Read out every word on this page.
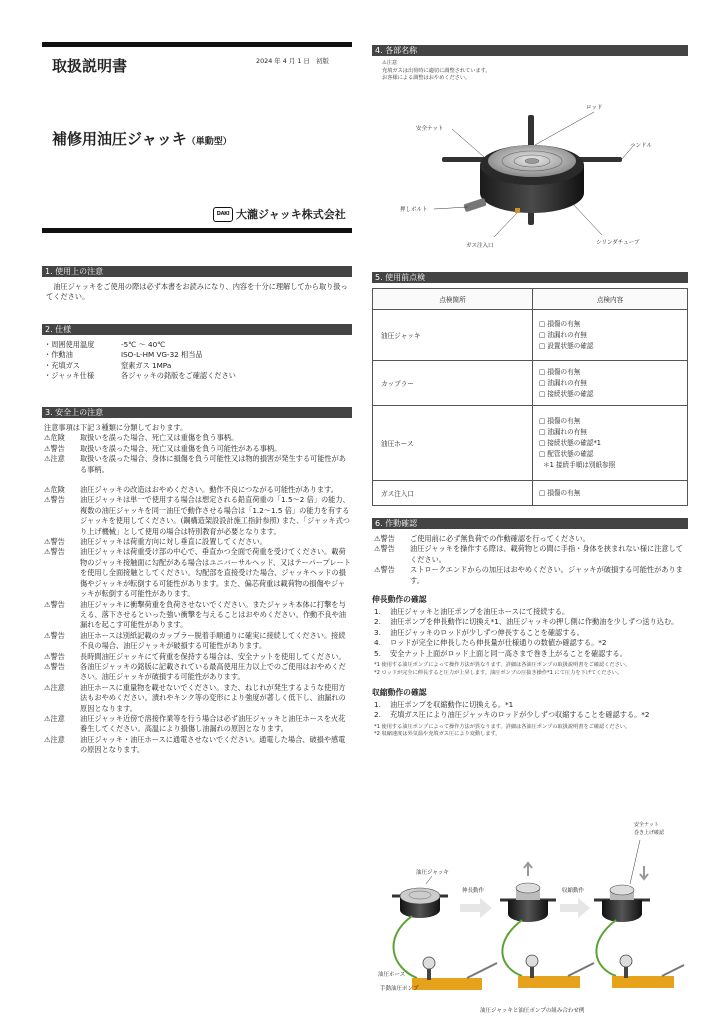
取扱説明書	2024 年 4 月 1 日　初版
補修用油圧ジャッキ（単動型）
DAKI 大瀧ジャッキ株式会社
1. 使用上の注意
　油圧ジャッキをご使用の際は必ず本書をお読みになり、内容を十分に理解してから取り扱ってください。
2. 仕様
・周囲使用温度	-5℃ ～ 40℃
・作動油	ISO-L-HM VG-32 相当品
・充填ガス	窒素ガス 1MPa
・ジャッキ仕様	各ジャッキの銘版をご確認ください
3. 安全上の注意
注意事項は下記３種類に分類しております。
⚠危険	取扱いを誤った場合、死亡又は重傷を負う事柄。
⚠警告	取扱いを誤った場合、死亡又は重傷を負う可能性がある事柄。
⚠注意	取扱いを誤った場合、身体に損傷を負う可能性又は物的損害が発生する可能性がある事柄。
⚠危険	油圧ジャッキの改造はおやめください。動作不良につながる可能性があります。
⚠警告	油圧ジャッキは単一で使用する場合は想定される鉛直荷重の「1.5～2 倍」の能力、複数の油圧ジャッキを同一油圧で動作させる場合は「1.2～1.5 倍」の能力を有するジャッキを使用してください。(鋼構造架設設計施工指針参照) また、「ジャッキ式つり上げ機械」として使用の場合は特別教育が必要となります。
⚠警告	油圧ジャッキは荷重方向に対し垂直に設置してください。
⚠警告	油圧ジャッキは荷重受け部の中心で、垂直かつ全面で荷重を受けてください。載荷物のジャッキ接触面に勾配がある場合はユニバーサルヘッド、又はテーパープレートを使用し全面接触としてください。勾配部を直接受けた場合、ジャッキヘッドの損傷やジャッキが転倒する可能性があります。また、偏芯荷重は載荷物の損傷やジャッキが転倒する可能性があります。
⚠警告	油圧ジャッキに衝撃荷重を負荷させないでください。またジャッキ本体に打撃を与える、落下させるといった強い衝撃を与えることはおやめください。作動不良や油漏れを起こす可能性があります。
⚠警告	油圧ホースは別紙記載のカップラー脱着手順通りに確実に接続してください。接続不良の場合、油圧ジャッキが破損する可能性があります。
⚠警告	長時間油圧ジャッキにて荷重を保持する場合は、安全ナットを使用してください。
⚠警告	各油圧ジャッキの銘版に記載されている最高使用圧力以上でのご使用はおやめください。油圧ジャッキが破損する可能性があります。
⚠注意	油圧ホースに重量物を載せないでください。また、ねじれが発生するような使用方法もおやめください。潰れやキンク等の変形により強度が著しく低下し、油漏れの原因となります。
⚠注意	油圧ジャッキ近傍で溶接作業等を行う場合は必ず油圧ジャッキと油圧ホースを火花養生してください。高温により損傷し油漏れの原因となります。
⚠注意	油圧ジャッキ・油圧ホースに通電させないでください。通電した場合、破損や感電の原因となります。
4. 各部名称
⚠注意
充填ガスは出荷時に適切に調整されています。
お客様による調整はおやめください。
ロッド
安全ナット
ハンドル
押しボルト
ガス注入口	シリンダチューブ
5. 使用前点検
点検箇所	点検内容
油圧ジャッキ	□ 損傷の有無
□ 油漏れの有無
□ 設置状態の確認

カップラー	□ 損傷の有無
□ 油漏れの有無
□ 接続状態の確認

油圧ホース	□ 損傷の有無
□ 油漏れの有無
□ 接続状態の確認*1
□ 配管状態の確認
＊1 接続手順は別紙参照

ガス注入口	□ 損傷の有無
6. 作動確認
⚠警告	ご使用前に必ず無負荷での作動確認を行ってください。
⚠警告	油圧ジャッキを操作する際は、載荷物との間に手指・身体を挟まれない様に注意してください。
⚠警告	ストロークエンドからの加圧はおやめください。ジャッキが破損する可能性があります。
伸長動作の確認
1.	油圧ジャッキと油圧ポンプを油圧ホースにて接続する。
2.	油圧ポンプを伸長動作に切換え*1、油圧ジャッキの押し側に作動油を少しずつ送り込む。
3.	油圧ジャッキのロッドが少しずつ伸長することを確認する。
4.	ロッドが完全に伸長したら伸長量が仕様通りの数値か確認する。*2
5.	安全ナット上面がロッド上面と同一高さまで巻き上がることを確認する。
*1 使用する油圧ポンプによって操作方法が異なります。詳細は各油圧ポンプの取扱説明書をご確認ください。
*2 ロッドが完全に伸長すると圧力が上昇します。油圧ポンプの圧抜き操作*1 にて圧力を下げてください。
収縮動作の確認
1.	油圧ポンプを収縮動作に切換える。*1
2.	充填ガス圧により油圧ジャッキのロッドが少しずつ収縮することを確認する。*2
*1 使用する油圧ポンプによって操作方法が異なります。詳細は各油圧ポンプの取扱説明書をご確認ください。
*2 収縮速度は外気温や充填ガス圧により変動します。
油圧ジャッキ
伸長動作	収縮動作
安全ナット
巻き上げ確認
油圧ホース
手動油圧ポンプ
油圧ジャッキと油圧ポンプの組み合わせ例
